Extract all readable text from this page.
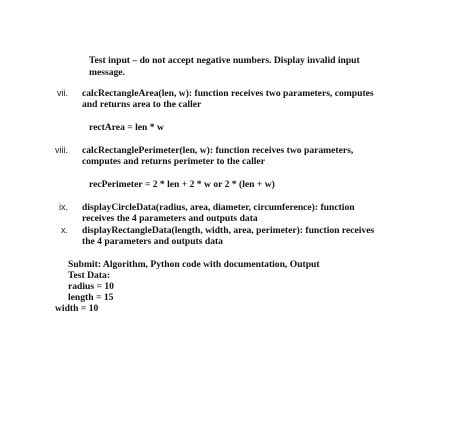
Test input – do not accept negative numbers. Display invalid input
message.
vii. calcRectangleArea(len, w): function receives two parameters, computes
and returns area to the caller
rectArea = len * w
viii. calcRectanglePerimeter(len, w): function receives two parameters,
computes and returns perimeter to the caller
recPerimeter = 2 * len + 2 * w or 2 * (len + w)
ix. displayCircleData(radius, area, diameter, circumference): function
receives the 4 parameters and outputs data
x. displayRectangleData(length, width, area, perimeter): function receives
the 4 parameters and outputs data
Submit: Algorithm, Python code with documentation, Output
Test Data:
radius = 10
length = 15
width = 10
